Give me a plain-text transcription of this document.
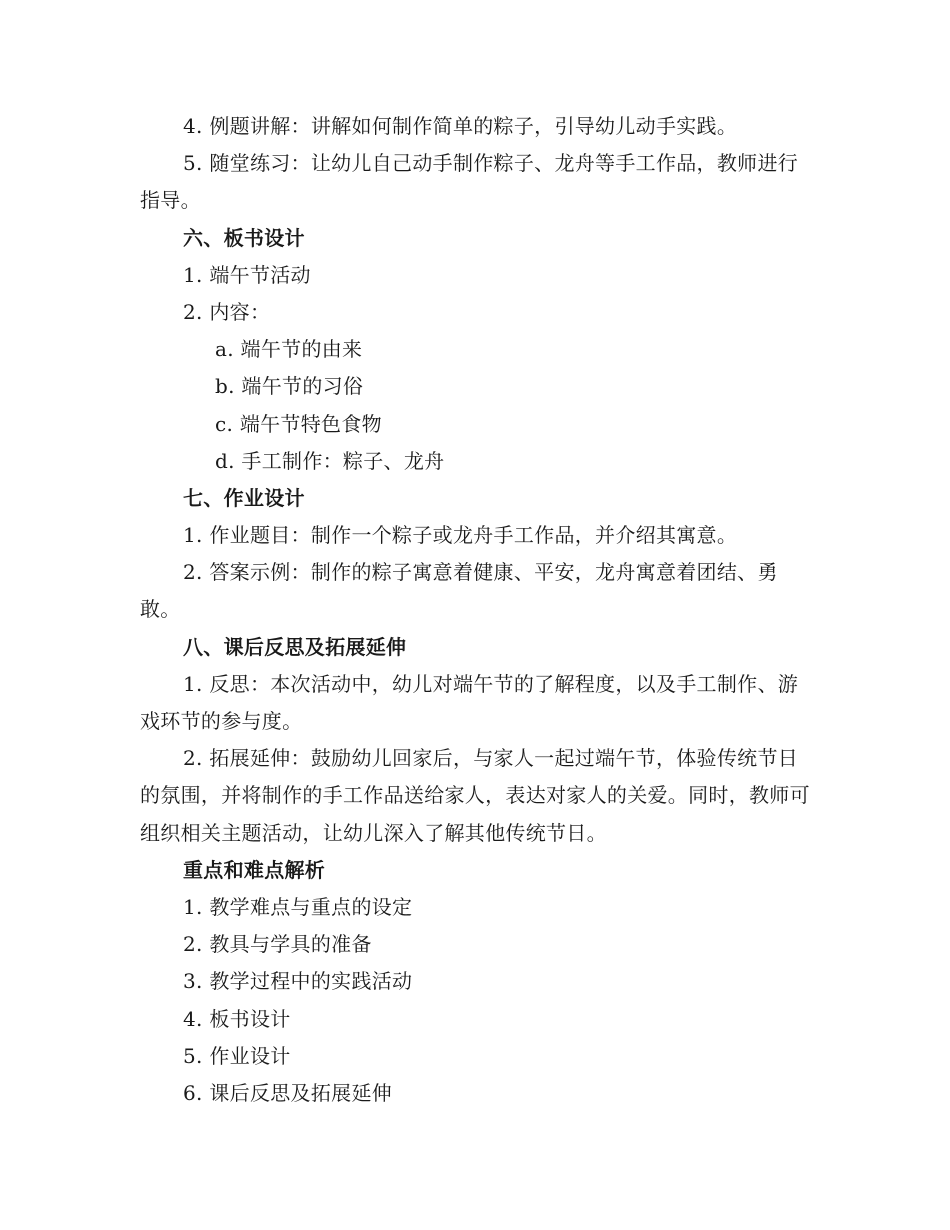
4. 例题讲解：讲解如何制作简单的粽子，引导幼儿动手实践。
5. 随堂练习：让幼儿自己动手制作粽子、龙舟等手工作品，教师进行指导。
六、板书设计
1. 端午节活动
2. 内容：
a. 端午节的由来
b. 端午节的习俗
c. 端午节特色食物
d. 手工制作：粽子、龙舟
七、作业设计
1. 作业题目：制作一个粽子或龙舟手工作品，并介绍其寓意。
2. 答案示例：制作的粽子寓意着健康、平安，龙舟寓意着团结、勇敢。
八、课后反思及拓展延伸
1. 反思：本次活动中，幼儿对端午节的了解程度，以及手工制作、游戏环节的参与度。
2. 拓展延伸：鼓励幼儿回家后，与家人一起过端午节，体验传统节日的氛围，并将制作的手工作品送给家人，表达对家人的关爱。同时，教师可组织相关主题活动，让幼儿深入了解其他传统节日。
重点和难点解析
1. 教学难点与重点的设定
2. 教具与学具的准备
3. 教学过程中的实践活动
4. 板书设计
5. 作业设计
6. 课后反思及拓展延伸
